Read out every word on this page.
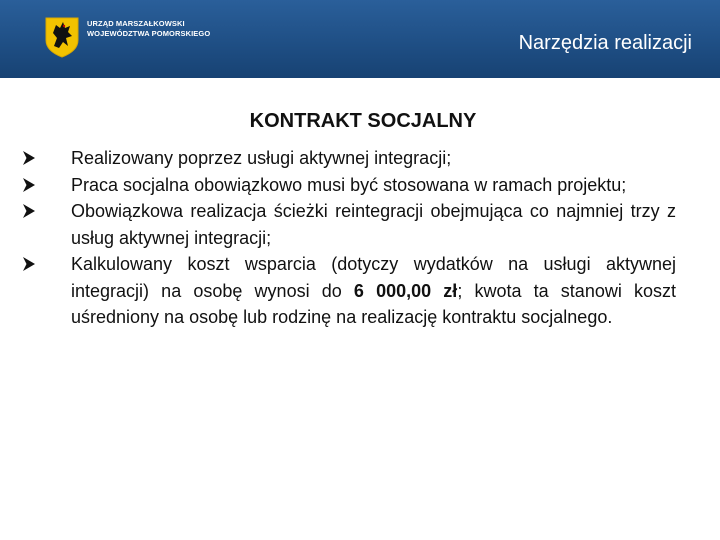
URZĄD MARSZAŁKOWSKI
WOJEWÓDZTWA POMORSKIEGO	Narzędzia realizacji
KONTRAKT SOCJALNY
Realizowany poprzez usługi aktywnej integracji;
Praca socjalna obowiązkowo musi być stosowana w ramach projektu;
Obowiązkowa realizacja ścieżki reintegracji obejmująca co najmniej trzy z usług aktywnej integracji;
Kalkulowany koszt wsparcia (dotyczy wydatków na usługi aktywnej integracji) na osobę wynosi do 6 000,00 zł; kwota ta stanowi koszt uśredniony na osobę lub rodzinę na realizację kontraktu socjalnego.
